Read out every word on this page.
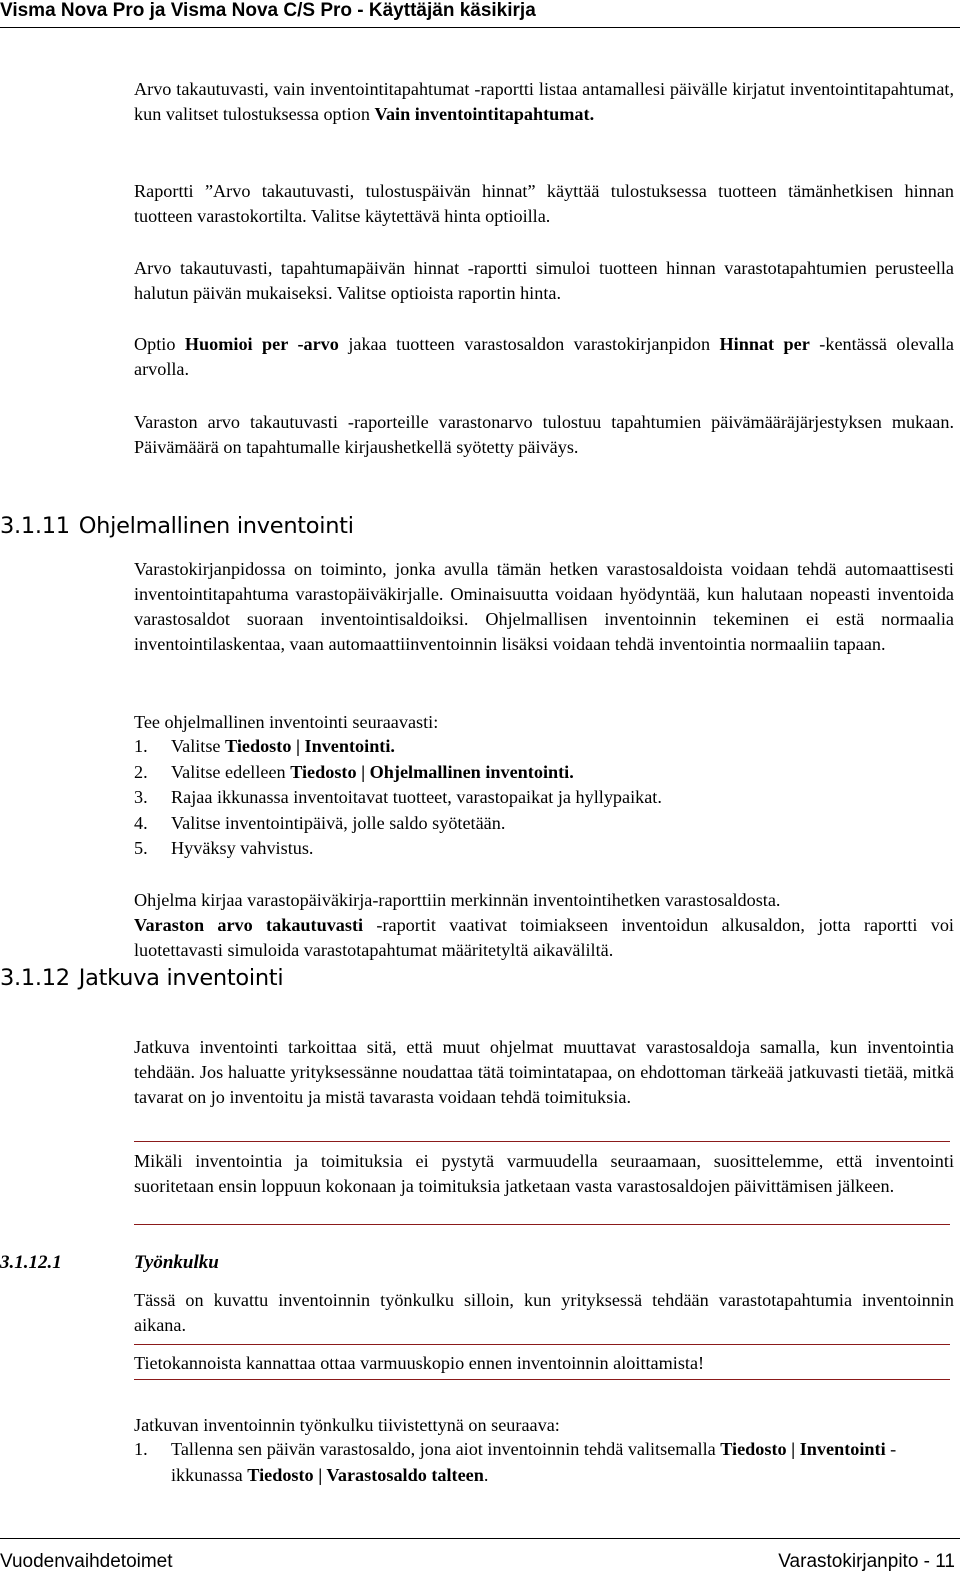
Visma Nova Pro ja Visma Nova C/S Pro - Käyttäjän käsikirja

Arvo takautuvasti, vain inventointitapahtumat -raportti listaa antamallesi päivälle kirjatut inventointitapahtumat, kun valitset tulostuksessa option Vain inventointitapahtumat.

Raportti ”Arvo takautuvasti, tulostuspäivän hinnat” käyttää tulostuksessa tuotteen tämänhetkisen hinnan tuotteen varastokortilta. Valitse käytettävä hinta optioilla.

Arvo takautuvasti, tapahtumapäivän hinnat -raportti simuloi tuotteen hinnan varastotapahtumien perusteella halutun päivän mukaiseksi. Valitse optioista raportin hinta.

Optio Huomioi per -arvo jakaa tuotteen varastosaldon varastokirjanpidon Hinnat per -kentässä olevalla arvolla.

Varaston arvo takautuvasti -raporteille varastonarvo tulostuu tapahtumien päivämääräjärjestyksen mukaan. Päivämäärä on tapahtumalle kirjaushetkellä syötetty päiväys.

3.1.11 Ohjelmallinen inventointi

Varastokirjanpidossa on toiminto, jonka avulla tämän hetken varastosaldoista voidaan tehdä automaattisesti inventointitapahtuma varastopäiväkirjalle. Ominaisuutta voidaan hyödyntää, kun halutaan nopeasti inventoida varastosaldot suoraan inventointisaldoiksi. Ohjelmallisen inventoinnin tekeminen ei estä normaalia inventointilaskentaa, vaan automaattiinventoinnin lisäksi voidaan tehdä inventointia normaaliin tapaan.

Tee ohjelmallinen inventointi seuraavasti:

1. Valitse Tiedosto | Inventointi.
2. Valitse edelleen Tiedosto | Ohjelmallinen inventointi.
3. Rajaa ikkunassa inventoitavat tuotteet, varastopaikat ja hyllypaikat.
4. Valitse inventointipäivä, jolle saldo syötetään.
5. Hyväksy vahvistus.

Ohjelma kirjaa varastopäiväkirja-raporttiin merkinnän inventointihetken varastosaldosta.

Varaston arvo takautuvasti -raportit vaativat toimiakseen inventoidun alkusaldon, jotta raportti voi luotettavasti simuloida varastotapahtumat määritetyltä aikaväliltä.

3.1.12 Jatkuva inventointi

Jatkuva inventointi tarkoittaa sitä, että muut ohjelmat muuttavat varastosaldoja samalla, kun inventointia tehdään. Jos haluatte yrityksessänne noudattaa tätä toimintatapaa, on ehdottoman tärkeää jatkuvasti tietää, mitkä tavarat on jo inventoitu ja mistä tavarasta voidaan tehdä toimituksia.

Mikäli inventointia ja toimituksia ei pystytä varmuudella seuraamaan, suosittelemme, että inventointi suoritetaan ensin loppuun kokonaan ja toimituksia jatketaan vasta varastosaldojen päivittämisen jälkeen.

3.1.12.1	Työnkulku

Tässä on kuvattu inventoinnin työnkulku silloin, kun yrityksessä tehdään varastotapahtumia inventoinnin aikana.

Tietokannoista kannattaa ottaa varmuuskopio ennen inventoinnin aloittamista!

Jatkuvan inventoinnin työnkulku tiivistettynä on seuraava:

1.	Tallenna sen päivän varastosaldo, jona aiot inventoinnin tehdä valitsemalla Tiedosto | Inventointi -ikkunassa Tiedosto | Varastosaldo talteen.
Vuodenvaihdetoimet	Varastokirjanpito - 11
